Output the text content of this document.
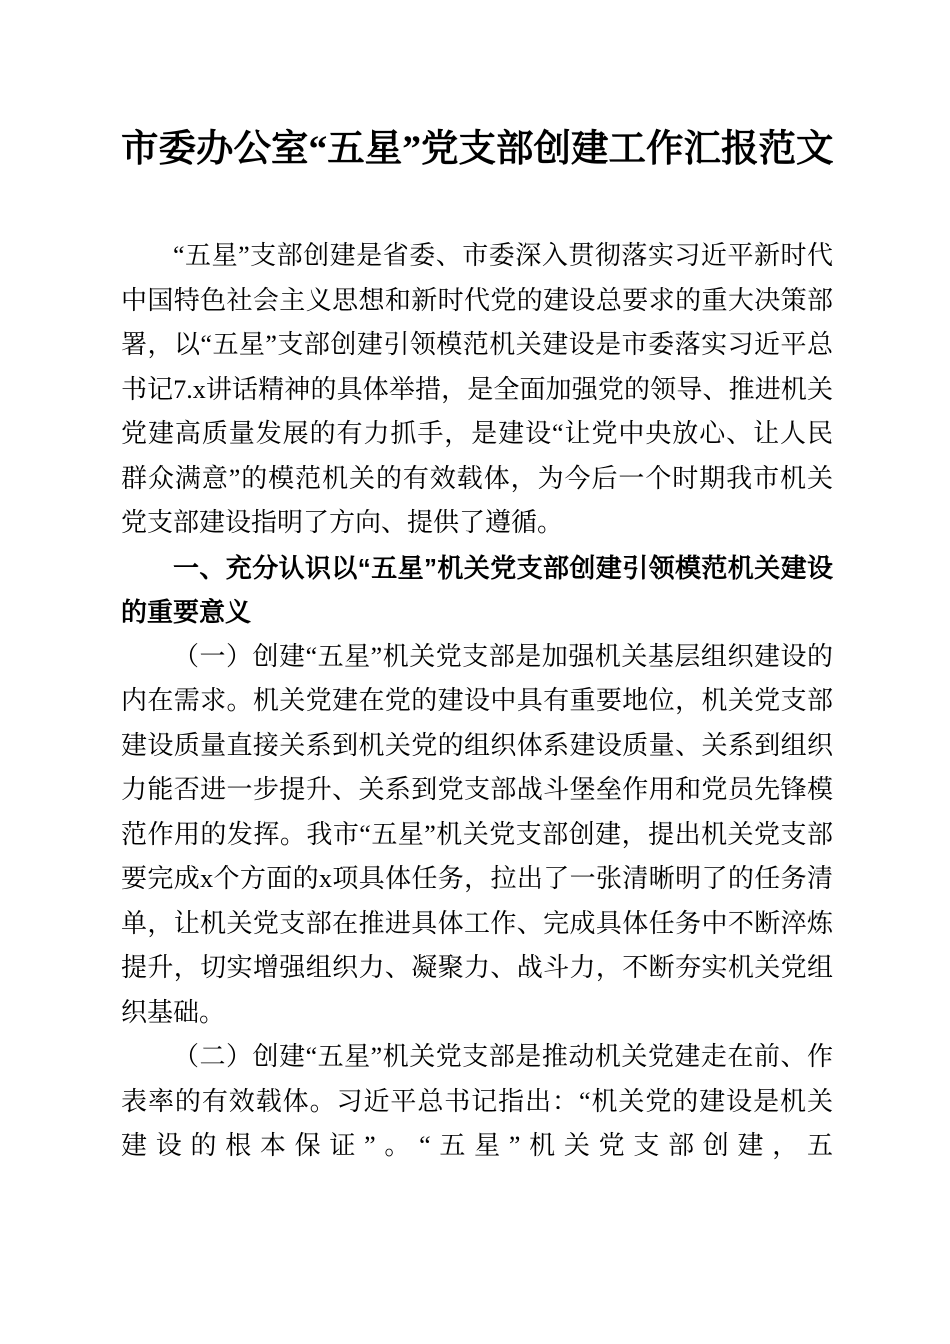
市委办公室“五星”党支部创建工作汇报范文

“五星”支部创建是省委、市委深入贯彻落实习近平新时代中国特色社会主义思想和新时代党的建设总要求的重大决策部署，以“五星”支部创建引领模范机关建设是市委落实习近平总书记7.x讲话精神的具体举措，是全面加强党的领导、推进机关党建高质量发展的有力抓手，是建设“让党中央放心、让人民群众满意”的模范机关的有效载体，为今后一个时期我市机关党支部建设指明了方向、提供了遵循。

一、充分认识以“五星”机关党支部创建引领模范机关建设的重要意义

（一）创建“五星”机关党支部是加强机关基层组织建设的内在需求。机关党建在党的建设中具有重要地位，机关党支部建设质量直接关系到机关党的组织体系建设质量、关系到组织力能否进一步提升、关系到党支部战斗堡垒作用和党员先锋模范作用的发挥。我市“五星”机关党支部创建，提出机关党支部要完成x个方面的x项具体任务，拉出了一张清晰明了的任务清单，让机关党支部在推进具体工作、完成具体任务中不断淬炼提升，切实增强组织力、凝聚力、战斗力，不断夯实机关党组织基础。

（二）创建“五星”机关党支部是推动机关党建走在前、作表率的有效载体。习近平总书记指出：“机关党的建设是机关建设的根本保证”。“五星”机关党支部创建，五
